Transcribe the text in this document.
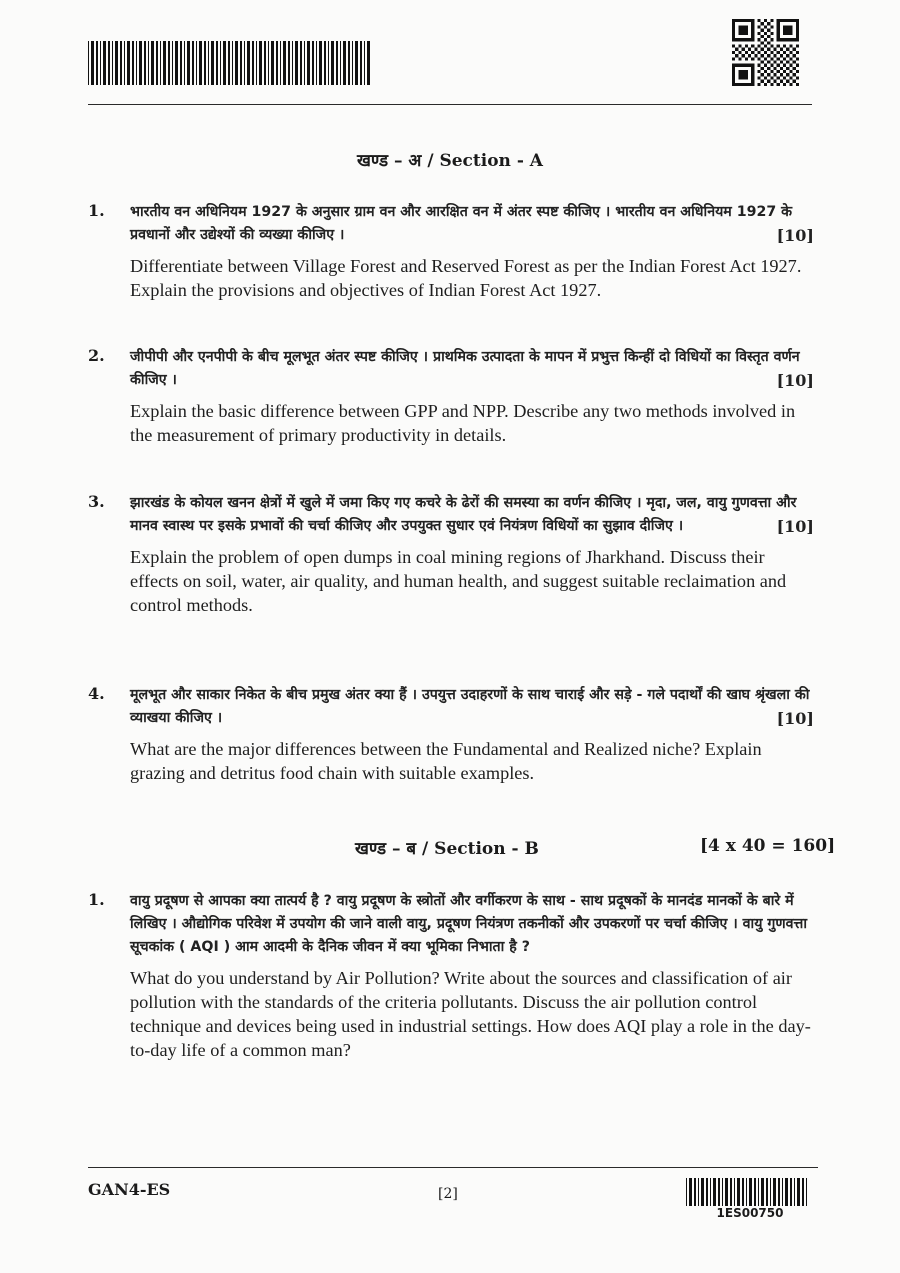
खण्ड – अ / Section - A
1. भारतीय वन अधिनियम 1927 के अनुसार ग्राम वन और आरक्षित वन में अंतर स्पष्ट कीजिए । भारतीय वन अधिनियम 1927 के प्रवधानों और उद्येश्यों की व्यख्या कीजिए ।	[10]
Differentiate between Village Forest and Reserved Forest as per the Indian Forest Act 1927. Explain the provisions and objectives of Indian Forest Act 1927.
2. जीपीपी और एनपीपी के बीच मूलभूत अंतर स्पष्ट कीजिए । प्राथमिक उत्पादता के मापन में प्रभुत्त किन्हीं दो विधियों का विस्तृत वर्णन कीजिए ।	[10]
Explain the basic difference between GPP and NPP. Describe any two methods involved in the measurement of primary productivity in details.
3. झारखंड के कोयल खनन क्षेत्रों में खुले में जमा किए गए कचरे के ढेरों की समस्या का वर्णन कीजिए । मृदा, जल, वायु गुणवत्ता और मानव स्वास्थ पर इसके प्रभावों की चर्चा कीजिए और उपयुक्त सुधार एवं नियंत्रण विधियों का सुझाव दीजिए ।	[10]
Explain the problem of open dumps in coal mining regions of Jharkhand. Discuss their effects on soil, water, air quality, and human health, and suggest suitable reclaimation and control methods.
4. मूलभूत और साकार निकेत के बीच प्रमुख अंतर क्या हैं । उपयुत्त उदाहरणों के साथ चाराई और सड़े - गले पदार्थों की खाघ श्रृंखला की व्याखया कीजिए ।	[10]
What are the major differences between the Fundamental and Realized niche? Explain grazing and detritus food chain with suitable examples.
खण्ड – ब / Section - B	[4 x 40 = 160]
1. वायु प्रदूषण से आपका क्या तात्पर्य है ? वायु प्रदूषण के स्त्रोतों और वर्गीकरण के साथ - साथ प्रदूषकों के मानदंड मानकों के बारे में लिखिए । औद्योगिक परिवेश में उपयोग की जाने वाली वायु, प्रदूषण नियंत्रण तकनीकों और उपकरणों पर चर्चा कीजिए । वायु गुणवत्ता सूचकांक ( AQI ) आम आदमी के दैनिक जीवन में क्या भूमिका निभाता है ?
What do you understand by Air Pollution? Write about the sources and classification of air pollution with the standards of the criteria pollutants. Discuss the air pollution control technique and devices being used in industrial settings. How does AQI play a role in the day-to-day life of a common man?
GAN4-ES	[2]
1ES00750
